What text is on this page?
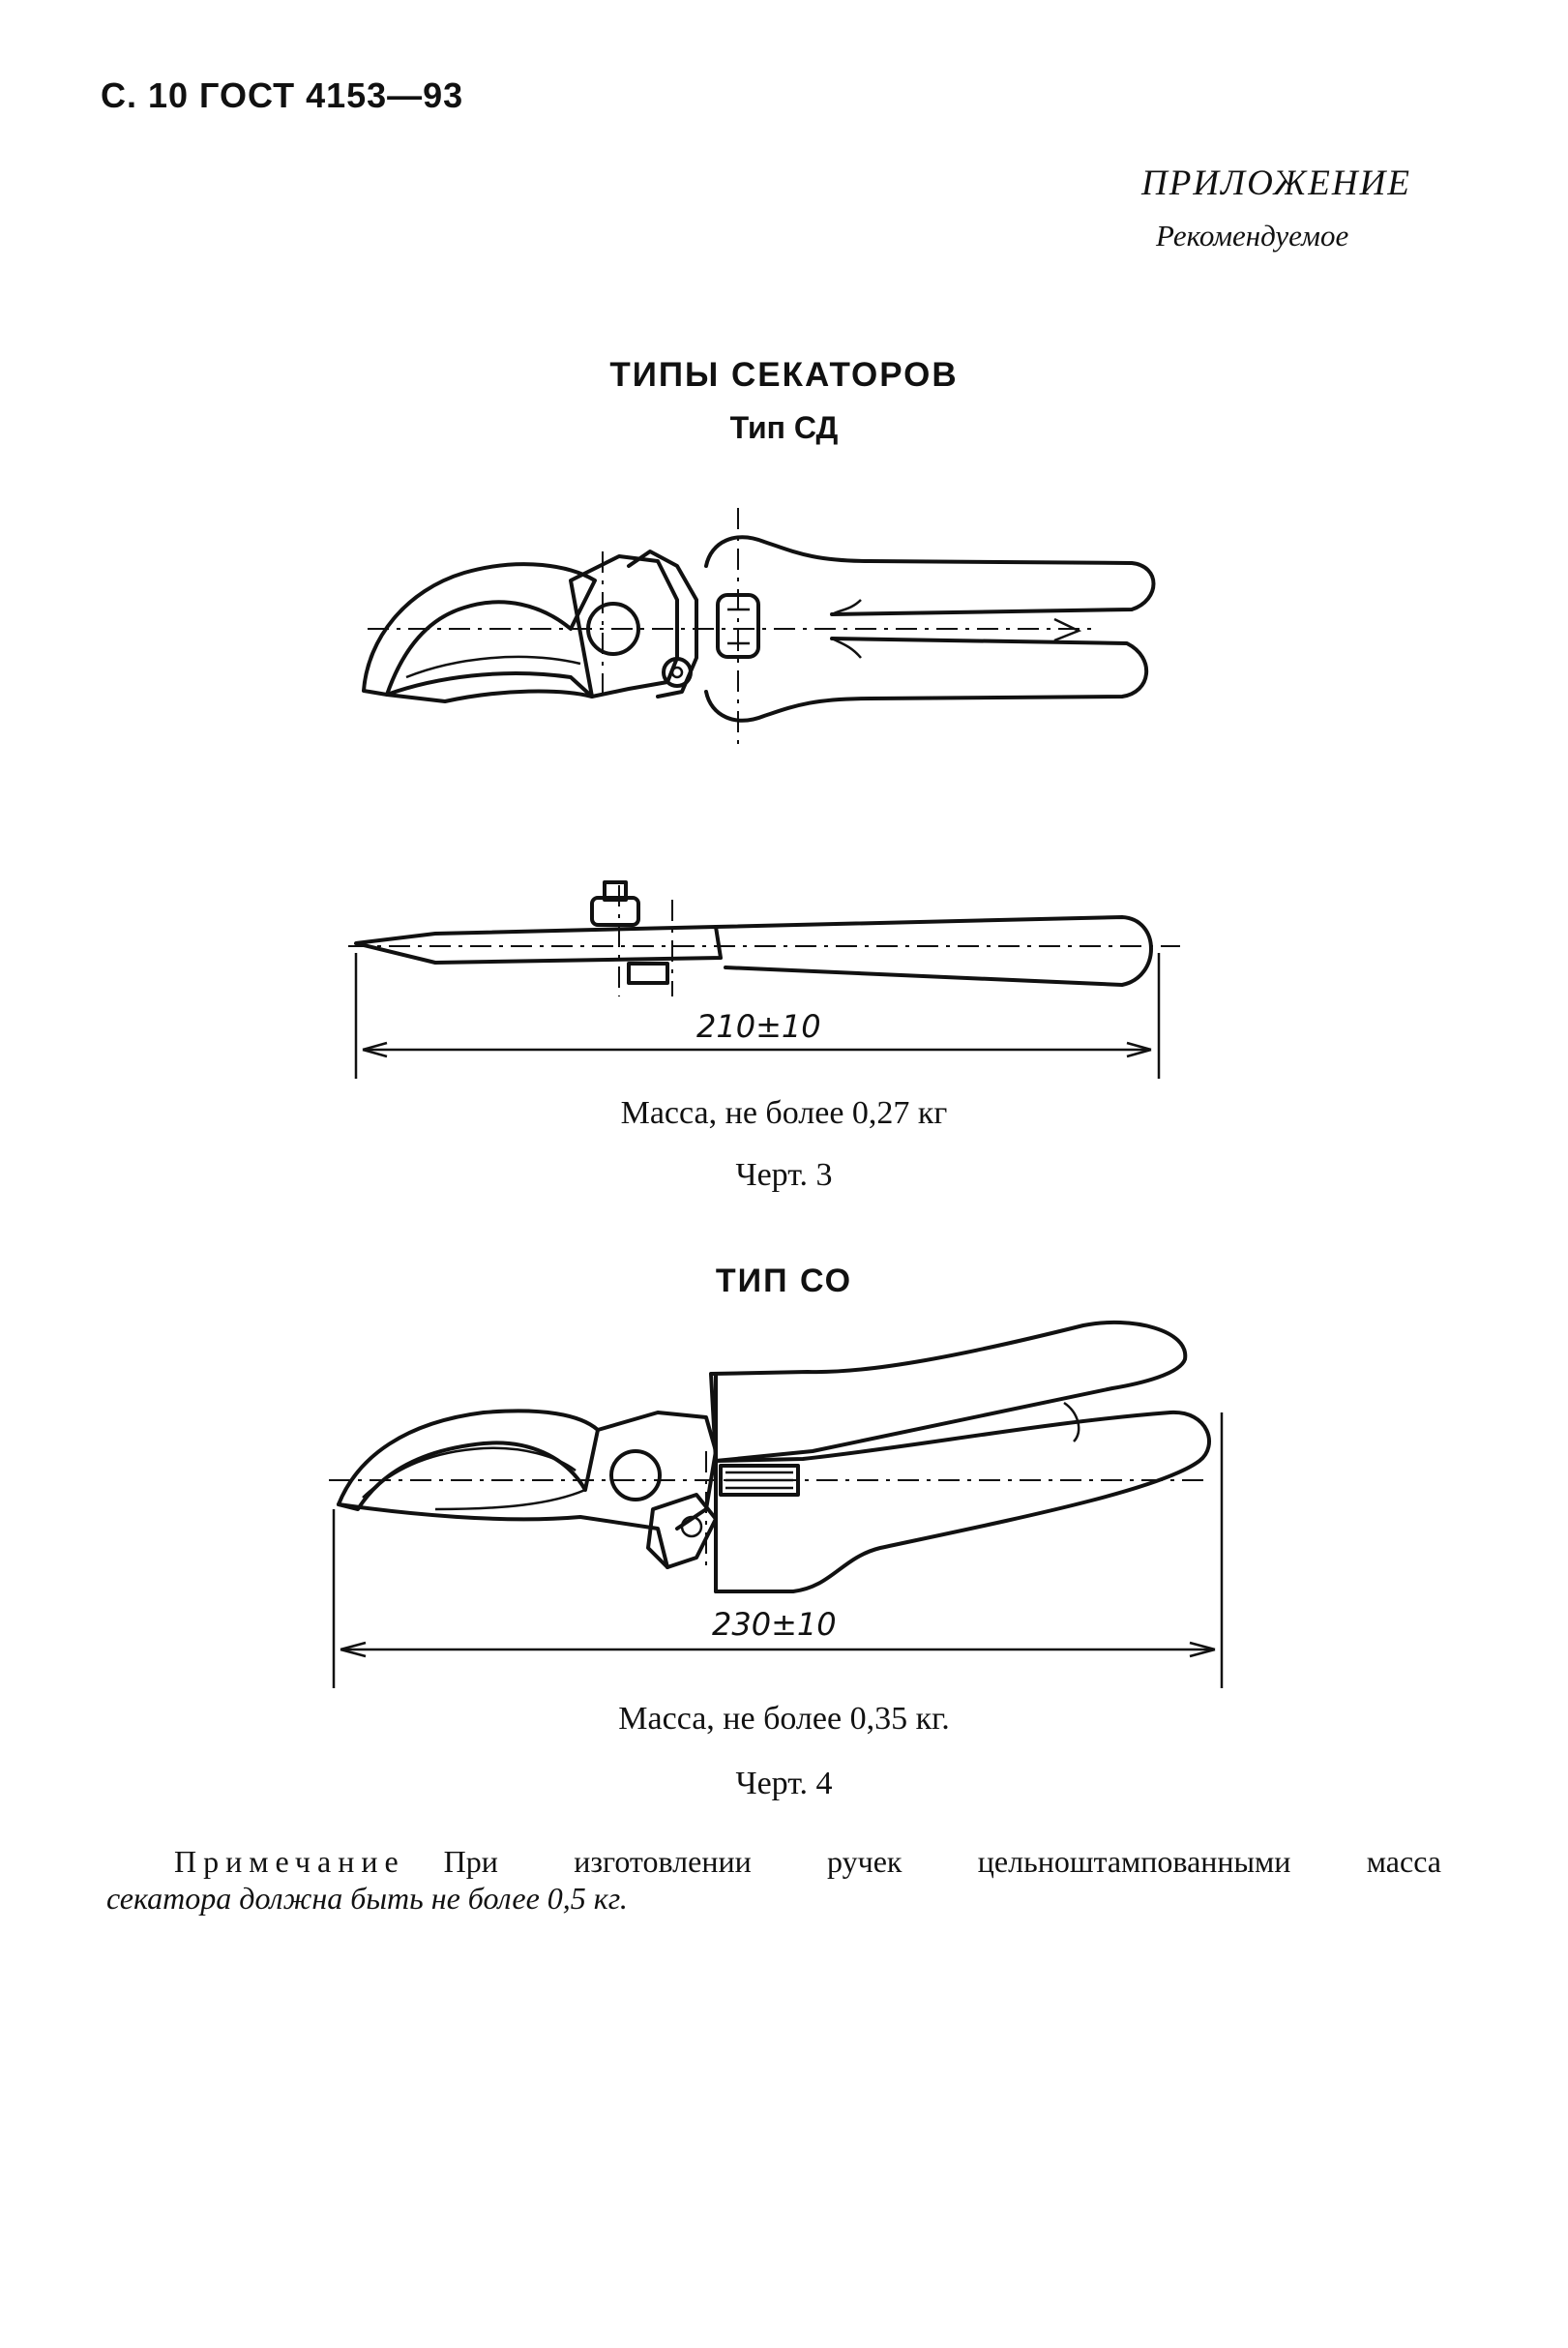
С. 10 ГОСТ 4153—93
ПРИЛОЖЕНИЕ
Рекомендуемое
ТИПЫ СЕКАТОРОВ
Тип СД
210±10
230±10
Масса, не более 0,27 кг
Черт. 3
ТИП СО
Масса, не более 0,35 кг.
Черт. 4
Примечание При изготовлении ручек цельноштампованными масса
секатора должна быть не более 0,5 кг.
